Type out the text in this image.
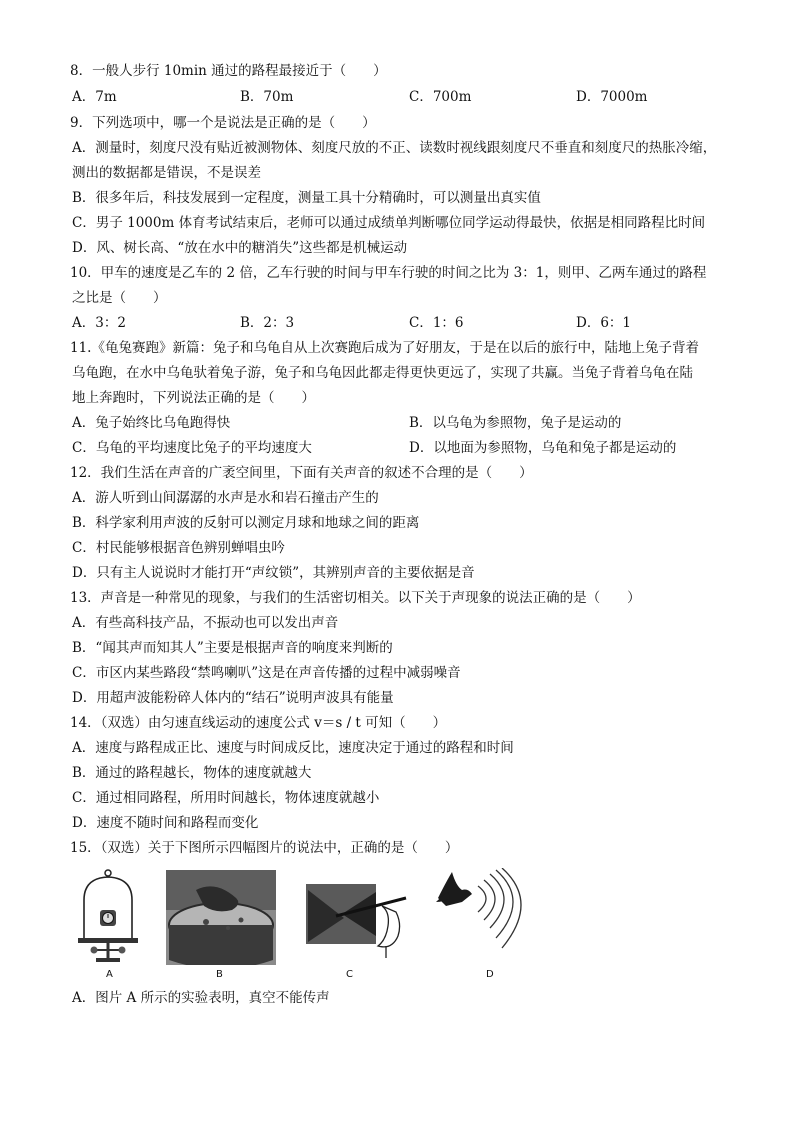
8．一般人步行 10min 通过的路程最接近于（　　）
A．7m	B．70m	C．700m	D．7000m
9．下列选项中，哪一个是说法是正确的是（　　）
A．测量时，刻度尺没有贴近被测物体、刻度尺放的不正、读数时视线跟刻度尺不垂直和刻度尺的热胀冷缩，
测出的数据都是错误，不是误差
B．很多年后，科技发展到一定程度，测量工具十分精确时，可以测量出真实值
C．男子 1000m 体育考试结束后，老师可以通过成绩单判断哪位同学运动得最快，依据是相同路程比时间
D．风、树长高、“放在水中的糖消失”这些都是机械运动
10．甲车的速度是乙车的 2 倍，乙车行驶的时间与甲车行驶的时间之比为 3：1，则甲、乙两车通过的路程
之比是（　　）
A．3：2	B．2：3	C．1：6	D．6：1
11.《龟兔赛跑》新篇：兔子和乌龟自从上次赛跑后成为了好朋友，于是在以后的旅行中，陆地上兔子背着
乌龟跑，在水中乌龟驮着兔子游，兔子和乌龟因此都走得更快更远了，实现了共赢。当兔子背着乌龟在陆
地上奔跑时，下列说法正确的是（　　）
A．兔子始终比乌龟跑得快	B．以乌龟为参照物，兔子是运动的
C．乌龟的平均速度比兔子的平均速度大	D．以地面为参照物，乌龟和兔子都是运动的
12．我们生活在声音的广袤空间里，下面有关声音的叙述不合理的是（　　）
A．游人听到山间潺潺的水声是水和岩石撞击产生的
B．科学家利用声波的反射可以测定月球和地球之间的距离
C．村民能够根据音色辨别蝉唱虫吟
D．只有主人说说时才能打开“声纹锁”，其辨别声音的主要依据是音
13．声音是一种常见的现象，与我们的生活密切相关。以下关于声现象的说法正确的是（　　）
A．有些高科技产品，不振动也可以发出声音
B．“闻其声而知其人”主要是根据声音的响度来判断的
C．市区内某些路段“禁鸣喇叭”这是在声音传播的过程中减弱噪音
D．用超声波能粉碎人体内的“结石”说明声波具有能量
14．（双选）由匀速直线运动的速度公式 v＝s / t 可知（　　）
A．速度与路程成正比、速度与时间成反比，速度决定于通过的路程和时间
B．通过的路程越长，物体的速度就越大
C．通过相同路程，所用时间越长，物体速度就越小
D．速度不随时间和路程而变化
15．（双选）关于下图所示四幅图片的说法中，正确的是（　　）
A	B	C	D
A．图片 A 所示的实验表明，真空不能传声
